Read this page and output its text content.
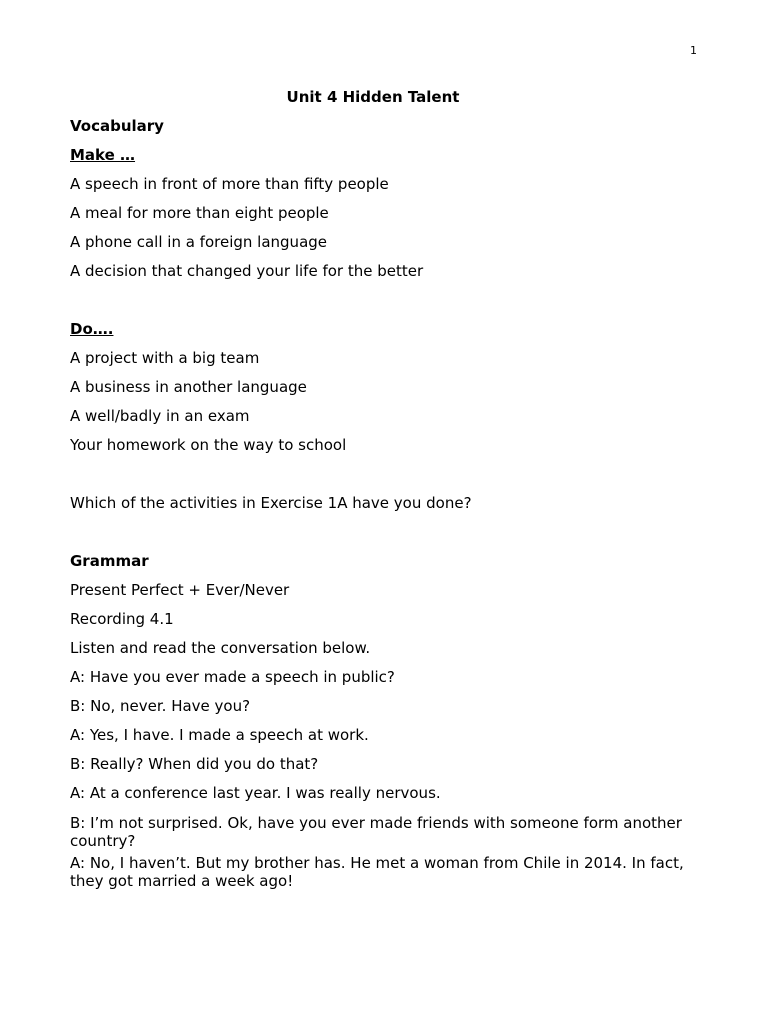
1
Unit 4 Hidden Talent
Vocabulary
Make …
A speech in front of more than fifty people
A meal for more than eight people
A phone call in a foreign language
A decision that changed your life for the better
Do….
A project with a big team
A business in another language
A well/badly in an exam
Your homework on the way to school
Which of the activities in Exercise 1A have you done?
Grammar
Present Perfect + Ever/Never
Recording 4.1
Listen and read the conversation below.
A: Have you ever made a speech in public?
B: No, never. Have you?
A: Yes, I have. I made a speech at work.
B: Really? When did you do that?
A: At a conference last year. I was really nervous.
B: I’m not surprised. Ok, have you ever made friends with someone form another country?
A: No, I haven’t. But my brother has. He met a woman from Chile in 2014. In fact, they got married a week ago!
